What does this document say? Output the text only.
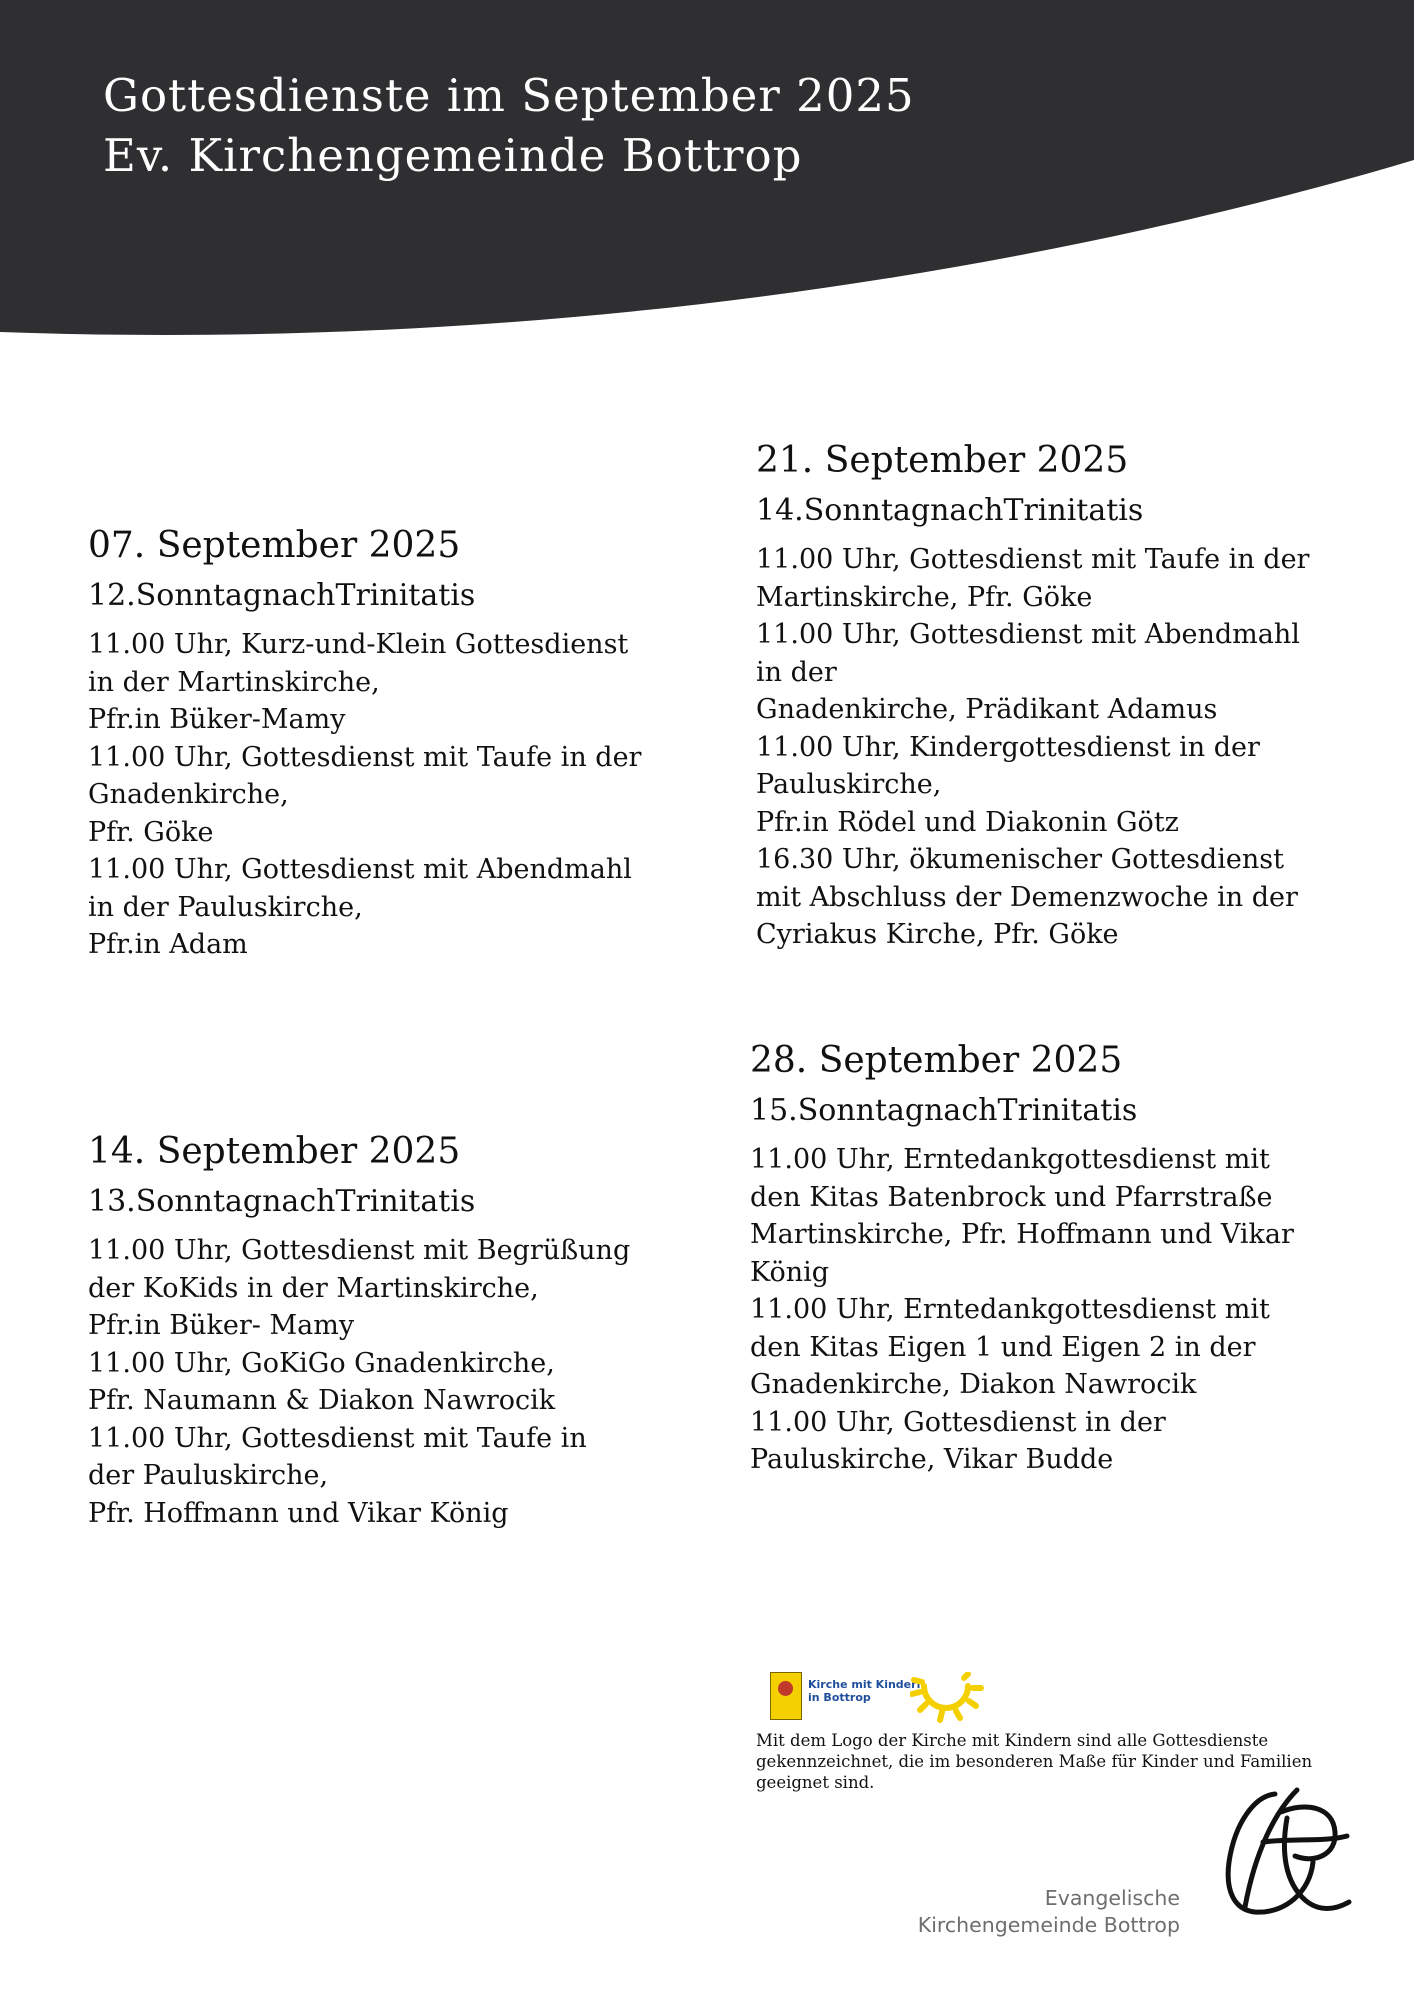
Gottesdienste im September 2025
Ev. Kirchengemeinde Bottrop
07. September 2025
12.SonntagnachTrinitatis
11.00 Uhr, Kurz-und-Klein Gottesdienst
in der Martinskirche,
Pfr.in Büker-Mamy
11.00 Uhr, Gottesdienst mit Taufe in der
Gnadenkirche,
Pfr. Göke
11.00 Uhr, Gottesdienst mit Abendmahl
in der Pauluskirche,
Pfr.in Adam
14. September 2025
13.SonntagnachTrinitatis
11.00 Uhr, Gottesdienst mit Begrüßung
der KoKids in der Martinskirche,
Pfr.in Büker- Mamy
11.00 Uhr, GoKiGo Gnadenkirche,
Pfr. Naumann & Diakon Nawrocik
11.00 Uhr, Gottesdienst mit Taufe in
der Pauluskirche,
Pfr. Hoffmann und Vikar König
21. September 2025
14.SonntagnachTrinitatis
11.00 Uhr, Gottesdienst mit Taufe in der
Martinskirche, Pfr. Göke
11.00 Uhr, Gottesdienst mit Abendmahl
in der
Gnadenkirche, Prädikant Adamus
11.00 Uhr, Kindergottesdienst in der
Pauluskirche,
Pfr.in Rödel und Diakonin Götz
16.30 Uhr, ökumenischer Gottesdienst
mit Abschluss der Demenzwoche in der
Cyriakus Kirche, Pfr. Göke
28. September 2025
15.SonntagnachTrinitatis
11.00 Uhr, Erntedankgottesdienst mit
den Kitas Batenbrock und Pfarrstraße
Martinskirche, Pfr. Hoffmann und Vikar
König
11.00 Uhr, Erntedankgottesdienst mit
den Kitas Eigen 1 und Eigen 2 in der
Gnadenkirche, Diakon Nawrocik
11.00 Uhr, Gottesdienst in der
Pauluskirche, Vikar Budde
Kirche mit Kindern
in Bottrop

Mit dem Logo der Kirche mit Kindern sind alle Gottesdienste gekennzeichnet, die im besonderen Maße für Kinder und Familien geeignet sind.

Evangelische
Kirchengemeinde Bottrop
